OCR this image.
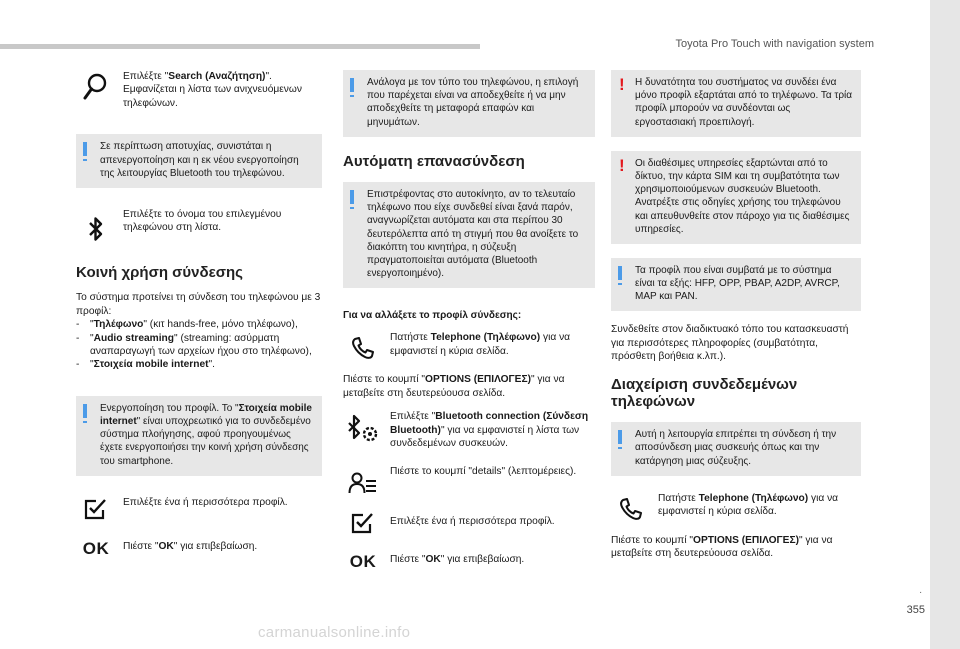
Toyota Pro Touch with navigation system
.
355
carmanualsonline.info
Επιλέξτε "Search (Αναζήτηση)". Εμφανίζεται η λίστα των ανιχνευόμενων τηλεφώνων.
Σε περίπτωση αποτυχίας, συνιστάται η απενεργοποίηση και η εκ νέου ενεργοποίηση της λειτουργίας Bluetooth του τηλεφώνου.
Επιλέξτε το όνομα του επιλεγμένου τηλεφώνου στη λίστα.
Κοινή χρήση σύνδεσης
Το σύστημα προτείνει τη σύνδεση του τηλεφώνου με 3 προφίλ:
-	"Τηλέφωνο" (κιτ hands-free, μόνο τηλέφωνο),
-	"Audio streaming" (streaming: ασύρματη αναπαραγωγή των αρχείων ήχου στο τηλέφωνο),
-	"Στοιχεία mobile internet".
Ενεργοποίηση του προφίλ. Το "Στοιχεία mobile internet" είναι υποχρεωτικό για το συνδεδεμένο σύστημα πλοήγησης, αφού προηγουμένως έχετε ενεργοποιήσει την κοινή χρήση σύνδεσης του smartphone.
Επιλέξτε ένα ή περισσότερα προφίλ.
OK	Πιέστε "OK" για επιβεβαίωση.
Ανάλογα με τον τύπο του τηλεφώνου, η επιλογή που παρέχεται είναι να αποδεχθείτε ή να μην αποδεχθείτε τη μεταφορά επαφών και μηνυμάτων.
Αυτόματη επανασύνδεση
Επιστρέφοντας στο αυτοκίνητο, αν το τελευταίο τηλέφωνο που είχε συνδεθεί είναι ξανά παρόν, αναγνωρίζεται αυτόματα και στα περίπου 30 δευτερόλεπτα από τη στιγμή που θα ανοίξετε το διακόπτη του κινητήρα, η σύζευξη πραγματοποιείται αυτόματα (Bluetooth ενεργοποιημένο).
Για να αλλάξετε το προφίλ σύνδεσης:
Πατήστε Telephone (Τηλέφωνο) για να εμφανιστεί η κύρια σελίδα.
Πιέστε το κουμπί "OPTIONS (ΕΠΙΛΟΓΕΣ)" για να μεταβείτε στη δευτερεύουσα σελίδα.
Επιλέξτε "Bluetooth connection (Σύνδεση Bluetooth)" για να εμφανιστεί η λίστα των συνδεδεμένων συσκευών.
Πιέστε το κουμπί "details" (λεπτομέρειες).
Επιλέξτε ένα ή περισσότερα προφίλ.
OK	Πιέστε "OK" για επιβεβαίωση.
! Η δυνατότητα του συστήματος να συνδέει ένα μόνο προφίλ εξαρτάται από το τηλέφωνο. Τα τρία προφίλ μπορούν να συνδέονται ως εργοστασιακή προεπιλογή.
! Οι διαθέσιμες υπηρεσίες εξαρτώνται από το δίκτυο, την κάρτα SIM και τη συμβατότητα των χρησιμοποιούμενων συσκευών Bluetooth. Ανατρέξτε στις οδηγίες χρήσης του τηλεφώνου και απευθυνθείτε στον πάροχο για τις διαθέσιμες υπηρεσίες.
Τα προφίλ που είναι συμβατά με το σύστημα είναι τα εξής: HFP, OPP, PBAP, A2DP, AVRCP, MAP και PAN.
Συνδεθείτε στον διαδικτυακό τόπο του κατασκευαστή για περισσότερες πληροφορίες (συμβατότητα, πρόσθετη βοήθεια κ.λπ.).
Διαχείριση συνδεδεμένων τηλεφώνων
Αυτή η λειτουργία επιτρέπει τη σύνδεση ή την αποσύνδεση μιας συσκευής όπως και την κατάργηση μιας σύζευξης.
Πατήστε Telephone (Τηλέφωνο) για να εμφανιστεί η κύρια σελίδα.
Πιέστε το κουμπί "OPTIONS (ΕΠΙΛΟΓΕΣ)" για να μεταβείτε στη δευτερεύουσα σελίδα.
